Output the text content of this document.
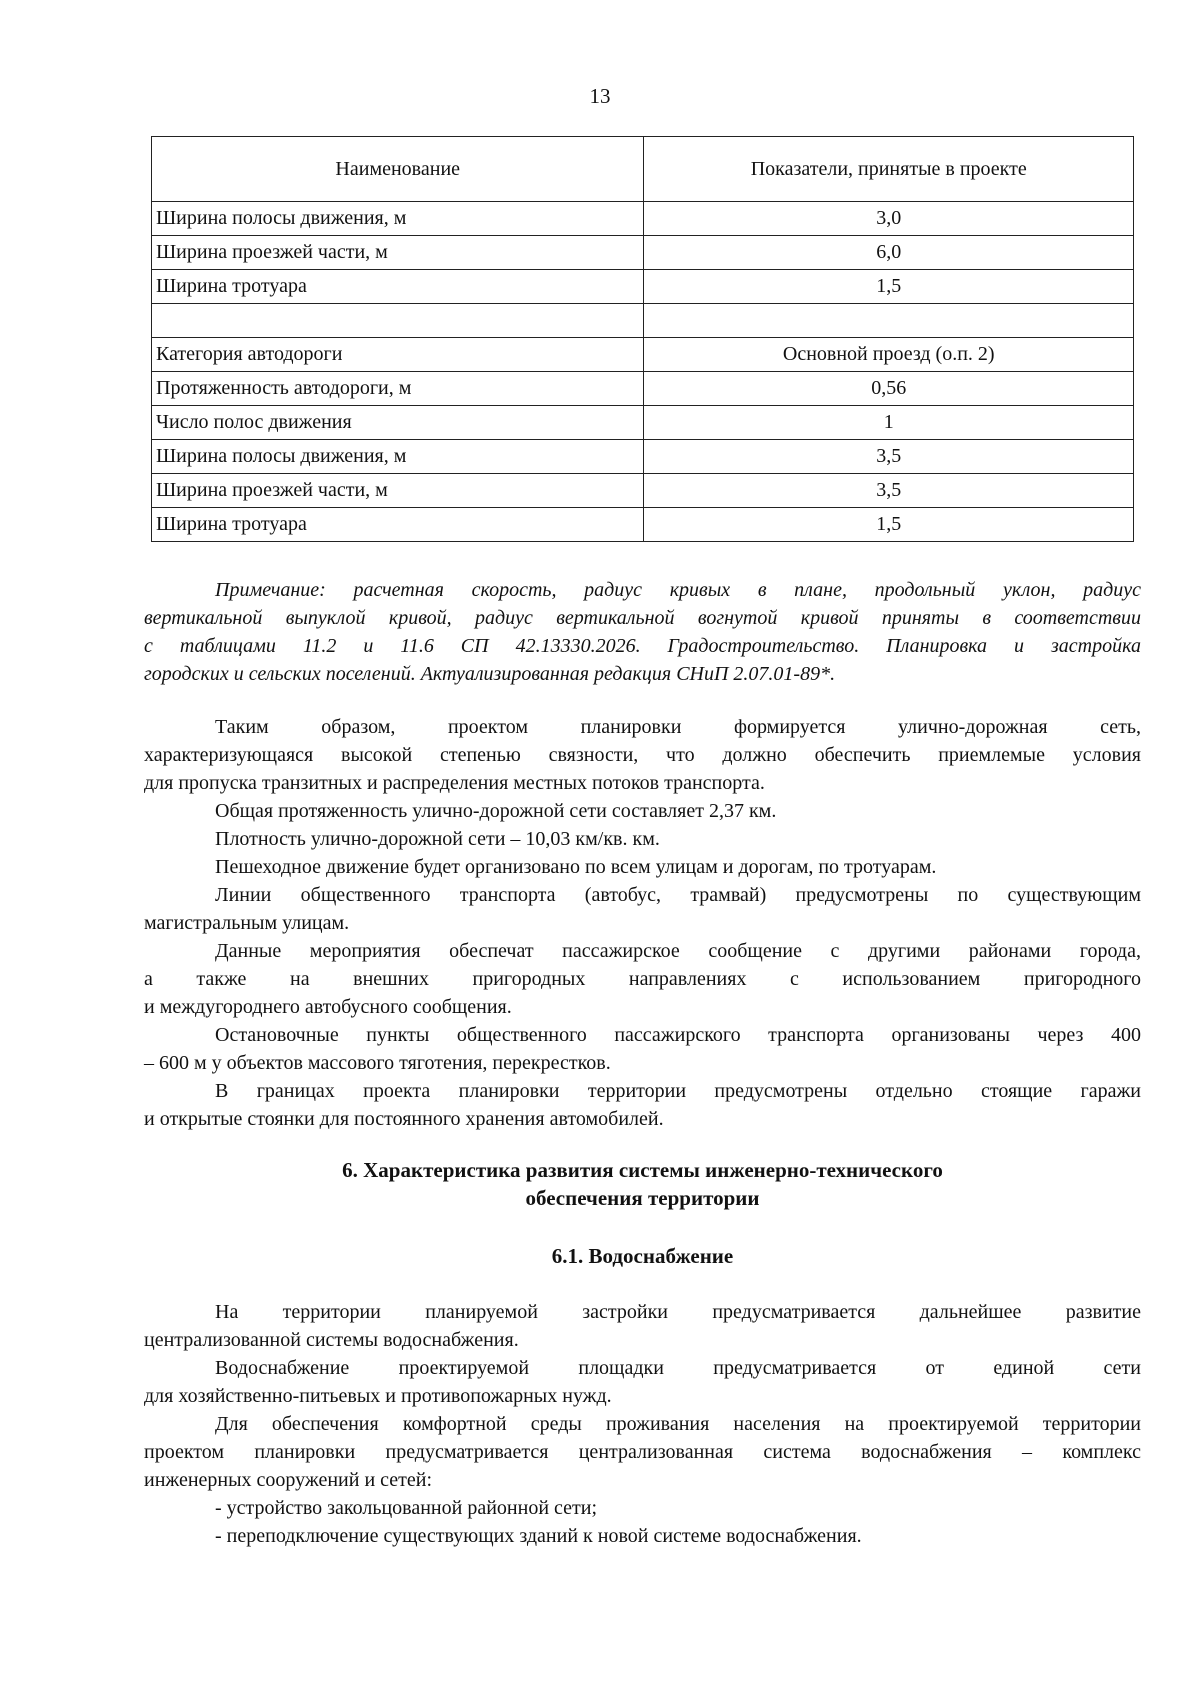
13
Наименование	Показатели, принятые в проекте
Ширина полосы движения, м	3,0
Ширина проезжей части, м	6,0
Ширина тротуара	1,5

Категория автодороги	Основной проезд (о.п. 2)
Протяженность автодороги, м	0,56
Число полос движения	1
Ширина полосы движения, м	3,5
Ширина проезжей части, м	3,5
Ширина тротуара	1,5
Примечание: расчетная скорость, радиус кривых в плане, продольный уклон, радиус
вертикальной выпуклой кривой, радиус вертикальной вогнутой кривой приняты в соответствии
с таблицами 11.2 и 11.6 СП 42.13330.2026. Градостроительство. Планировка и застройка
городских и сельских поселений. Актуализированная редакция СНиП 2.07.01-89*.
Таким образом, проектом планировки формируется улично-дорожная сеть,
характеризующаяся высокой степенью связности, что должно обеспечить приемлемые условия
для пропуска транзитных и распределения местных потоков транспорта.
Общая протяженность улично-дорожной сети составляет 2,37 км.
Плотность улично-дорожной сети – 10,03 км/кв. км.
Пешеходное движение будет организовано по всем улицам и дорогам, по тротуарам.
Линии общественного транспорта (автобус, трамвай) предусмотрены по существующим
магистральным улицам.
Данные мероприятия обеспечат пассажирское сообщение с другими районами города,
а также на внешних пригородных направлениях с использованием пригородного
и междугороднего автобусного сообщения.
Остановочные пункты общественного пассажирского транспорта организованы через 400
– 600 м у объектов массового тяготения, перекрестков.
В границах проекта планировки территории предусмотрены отдельно стоящие гаражи
и открытые стоянки для постоянного хранения автомобилей.
6. Характеристика развития системы инженерно-технического
обеспечения территории
6.1. Водоснабжение
На территории планируемой застройки предусматривается дальнейшее развитие
централизованной системы водоснабжения.
Водоснабжение проектируемой площадки предусматривается от единой сети
для хозяйственно-питьевых и противопожарных нужд.
Для обеспечения комфортной среды проживания населения на проектируемой территории
проектом планировки предусматривается централизованная система водоснабжения – комплекс
инженерных сооружений и сетей:
- устройство закольцованной районной сети;
- переподключение существующих зданий к новой системе водоснабжения.
